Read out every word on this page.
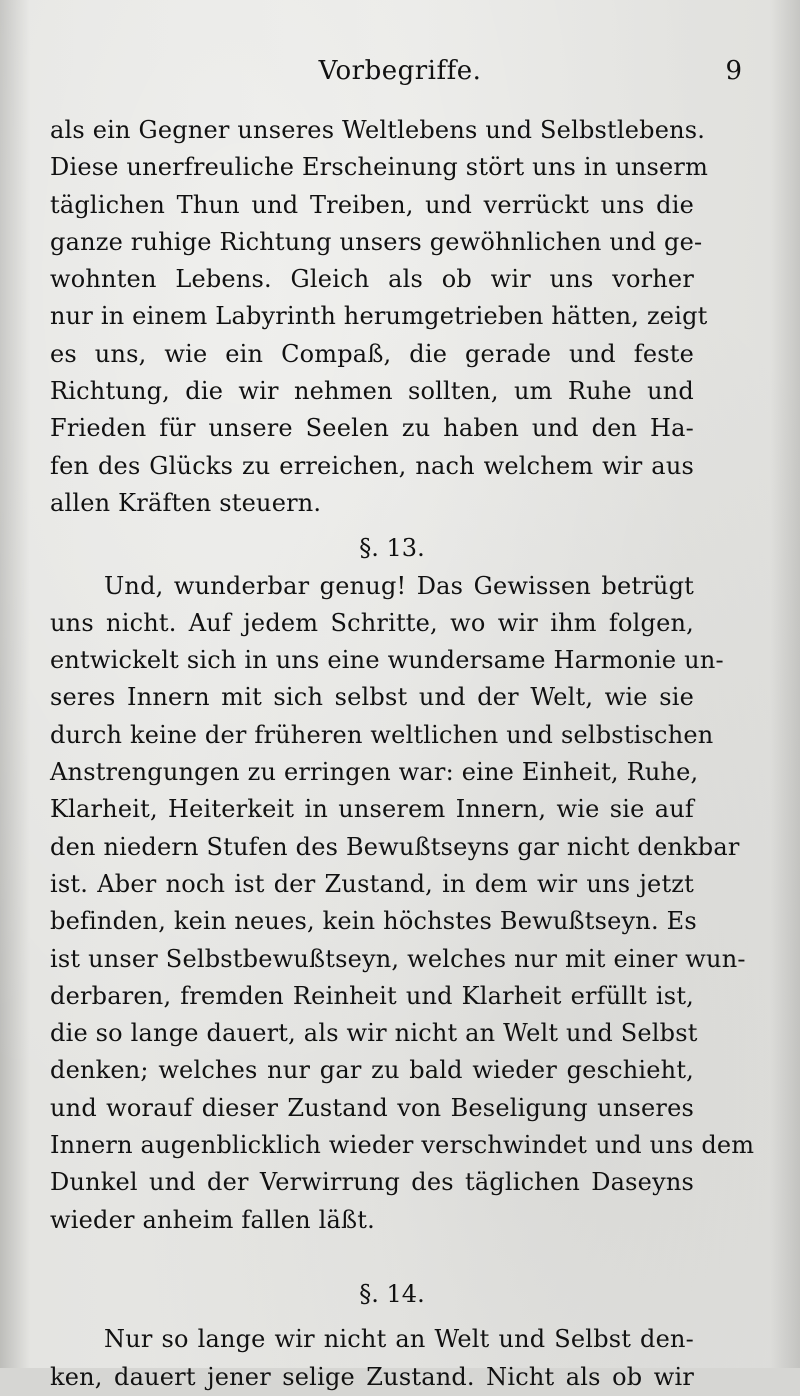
Vorbegriffe.	9
als ein Gegner unseres Weltlebens und Selbstlebens.
Diese unerfreuliche Erscheinung stört uns in unserm
täglichen Thun und Treiben, und verrückt uns die
ganze ruhige Richtung unsers gewöhnlichen und ge-
wohnten Lebens. Gleich als ob wir uns vorher
nur in einem Labyrinth herumgetrieben hätten, zeigt
es uns, wie ein Compaß, die gerade und feste
Richtung, die wir nehmen sollten, um Ruhe und
Frieden für unsere Seelen zu haben und den Ha-
fen des Glücks zu erreichen, nach welchem wir aus
allen Kräften steuern.
§. 13.
Und, wunderbar genug! Das Gewissen betrügt
uns nicht. Auf jedem Schritte, wo wir ihm folgen,
entwickelt sich in uns eine wundersame Harmonie un-
seres Innern mit sich selbst und der Welt, wie sie
durch keine der früheren weltlichen und selbstischen
Anstrengungen zu erringen war: eine Einheit, Ruhe,
Klarheit, Heiterkeit in unserem Innern, wie sie auf
den niedern Stufen des Bewußtseyns gar nicht denkbar
ist. Aber noch ist der Zustand, in dem wir uns jetzt
befinden, kein neues, kein höchstes Bewußtseyn. Es
ist unser Selbstbewußtseyn, welches nur mit einer wun-
derbaren, fremden Reinheit und Klarheit erfüllt ist,
die so lange dauert, als wir nicht an Welt und Selbst
denken; welches nur gar zu bald wieder geschieht,
und worauf dieser Zustand von Beseligung unseres
Innern augenblicklich wieder verschwindet und uns dem
Dunkel und der Verwirrung des täglichen Daseyns
wieder anheim fallen läßt.
§. 14.
Nur so lange wir nicht an Welt und Selbst den-
ken, dauert jener selige Zustand. Nicht als ob wir
